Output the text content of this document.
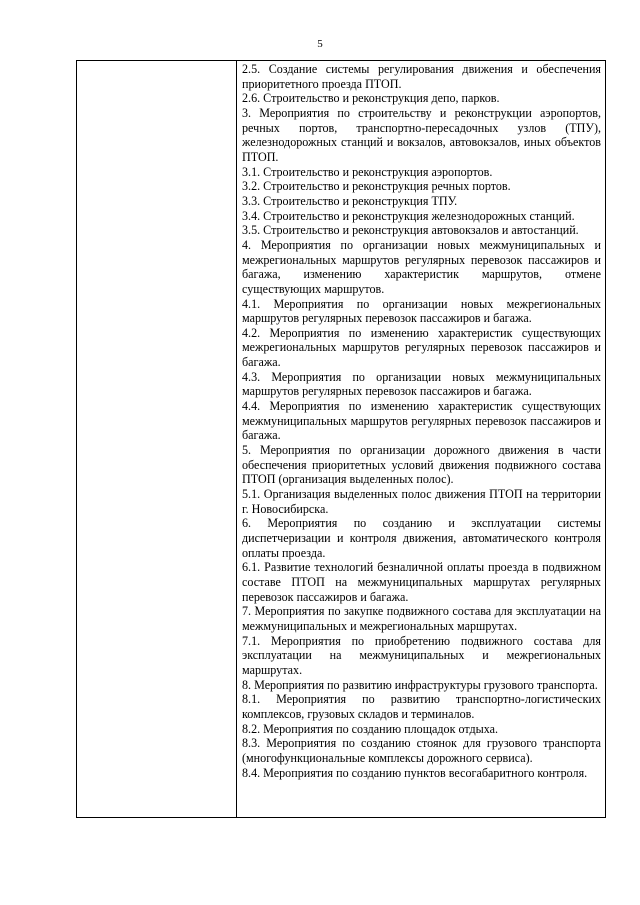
5

2.5. Создание системы регулирования движения и обеспечения приоритетного проезда ПТОП.

2.6. Строительство и реконструкция депо, парков.

3. Мероприятия по строительству и реконструкции аэропортов, речных портов, транспортно-пересадочных узлов (ТПУ), железнодорожных станций и вокзалов, автовокзалов, иных объектов ПТОП.

3.1. Строительство и реконструкция аэропортов.

3.2. Строительство и реконструкция речных портов.

3.3. Строительство и реконструкция ТПУ.

3.4. Строительство и реконструкция железнодорожных станций.

3.5. Строительство и реконструкция автовокзалов и автостанций.

4. Мероприятия по организации новых межмуниципальных и межрегиональных маршрутов регулярных перевозок пассажиров и багажа, изменению характеристик маршрутов, отмене существующих маршрутов.

4.1. Мероприятия по организации новых межрегиональных маршрутов регулярных перевозок пассажиров и багажа.

4.2. Мероприятия по изменению характеристик существующих межрегиональных маршрутов регулярных перевозок пассажиров и багажа.

4.3. Мероприятия по организации новых межмуниципальных маршрутов регулярных перевозок пассажиров и багажа.

4.4. Мероприятия по изменению характеристик существующих межмуниципальных маршрутов регулярных перевозок пассажиров и багажа.

5. Мероприятия по организации дорожного движения в части обеспечения приоритетных условий движения подвижного состава ПТОП (организация выделенных полос).

5.1. Организация выделенных полос движения ПТОП на территории г. Новосибирска.

6. Мероприятия по созданию и эксплуатации системы диспетчеризации и контроля движения, автоматического контроля оплаты проезда.

6.1. Развитие технологий безналичной оплаты проезда в подвижном составе ПТОП на межмуниципальных маршрутах регулярных перевозок пассажиров и багажа.

7. Мероприятия по закупке подвижного состава для эксплуатации на межмуниципальных и межрегиональных маршрутах.

7.1. Мероприятия по приобретению подвижного состава для эксплуатации на межмуниципальных и межрегиональных маршрутах.

8. Мероприятия по развитию инфраструктуры грузового транспорта.

8.1. Мероприятия по развитию транспортно-логистических комплексов, грузовых складов и терминалов.

8.2. Мероприятия по созданию площадок отдыха.

8.3. Мероприятия по созданию стоянок для грузового транспорта (многофункциональные комплексы дорожного сервиса).

8.4. Мероприятия по созданию пунктов весогабаритного контроля.
